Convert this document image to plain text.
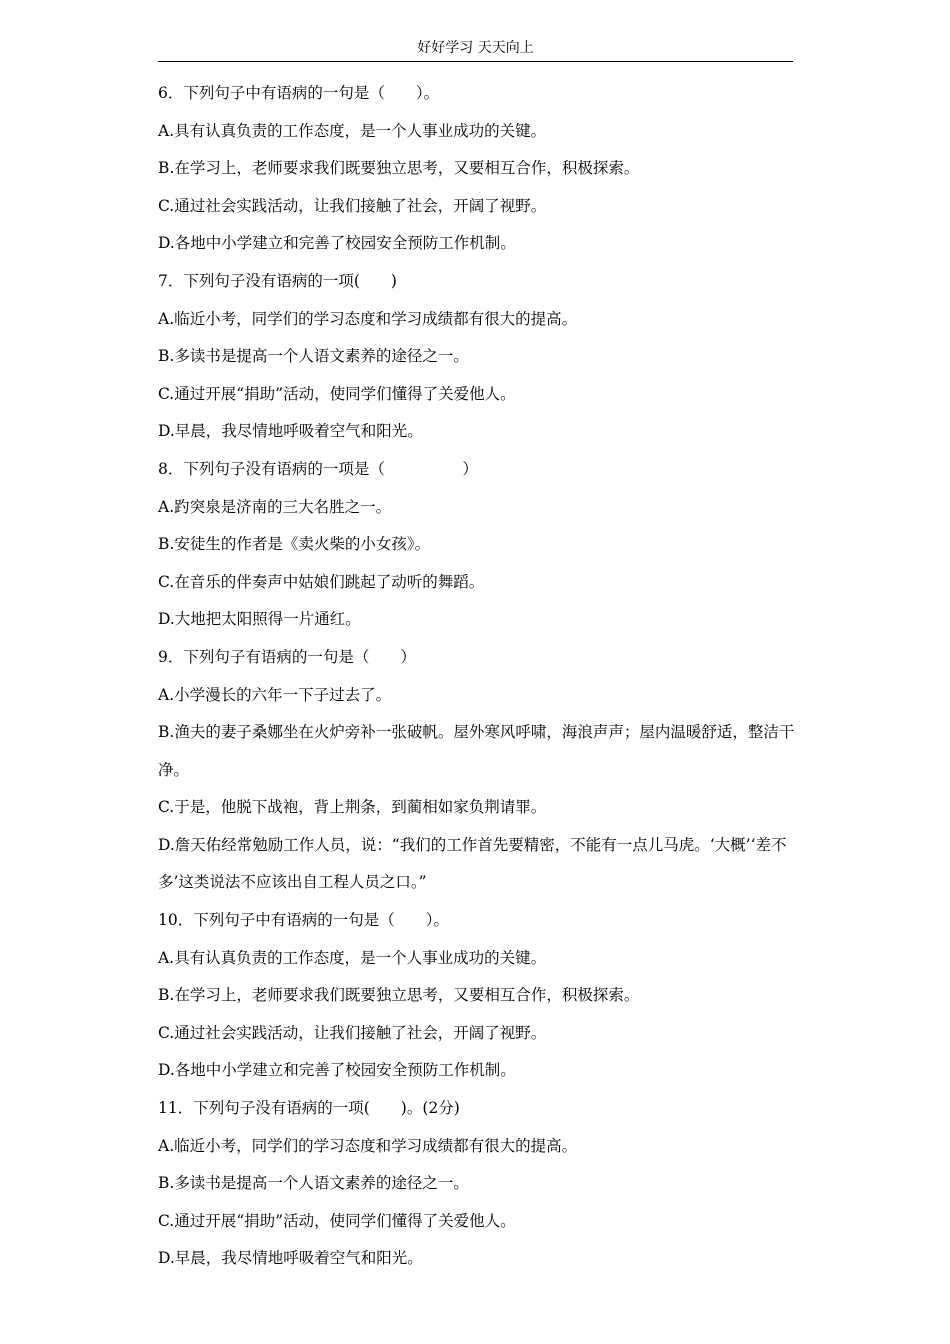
好好学习 天天向上
6．下列句子中有语病的一句是（　　）。
A.具有认真负责的工作态度，是一个人事业成功的关键。
B.在学习上，老师要求我们既要独立思考，又要相互合作，积极探索。
C.通过社会实践活动，让我们接触了社会，开阔了视野。
D.各地中小学建立和完善了校园安全预防工作机制。
7．下列句子没有语病的一项(　　)
A.临近小考，同学们的学习态度和学习成绩都有很大的提高。
B.多读书是提高一个人语文素养的途径之一。
C.通过开展“捐助”活动，使同学们懂得了关爱他人。
D.早晨，我尽情地呼吸着空气和阳光。
8．下列句子没有语病的一项是（　　　　　）
A.趵突泉是济南的三大名胜之一。
B.安徒生的作者是《卖火柴的小女孩》。
C.在音乐的伴奏声中姑娘们跳起了动听的舞蹈。
D.大地把太阳照得一片通红。
9．下列句子有语病的一句是（　　）
A.小学漫长的六年一下子过去了。
B.渔夫的妻子桑娜坐在火炉旁补一张破帆。屋外寒风呼啸，海浪声声；屋内温暖舒适，整洁干净。
C.于是，他脱下战袍，背上荆条，到蔺相如家负荆请罪。
D.詹天佑经常勉励工作人员，说：“我们的工作首先要精密，不能有一点儿马虎。‘大概’‘差不多’这类说法不应该出自工程人员之口。”
10．下列句子中有语病的一句是（　　）。
A.具有认真负责的工作态度，是一个人事业成功的关键。
B.在学习上，老师要求我们既要独立思考，又要相互合作，积极探索。
C.通过社会实践活动，让我们接触了社会，开阔了视野。
D.各地中小学建立和完善了校园安全预防工作机制。
11．下列句子没有语病的一项(　　)。(2分)
A.临近小考，同学们的学习态度和学习成绩都有很大的提高。
B.多读书是提高一个人语文素养的途径之一。
C.通过开展“捐助”活动，使同学们懂得了关爱他人。
D.早晨，我尽情地呼吸着空气和阳光。
